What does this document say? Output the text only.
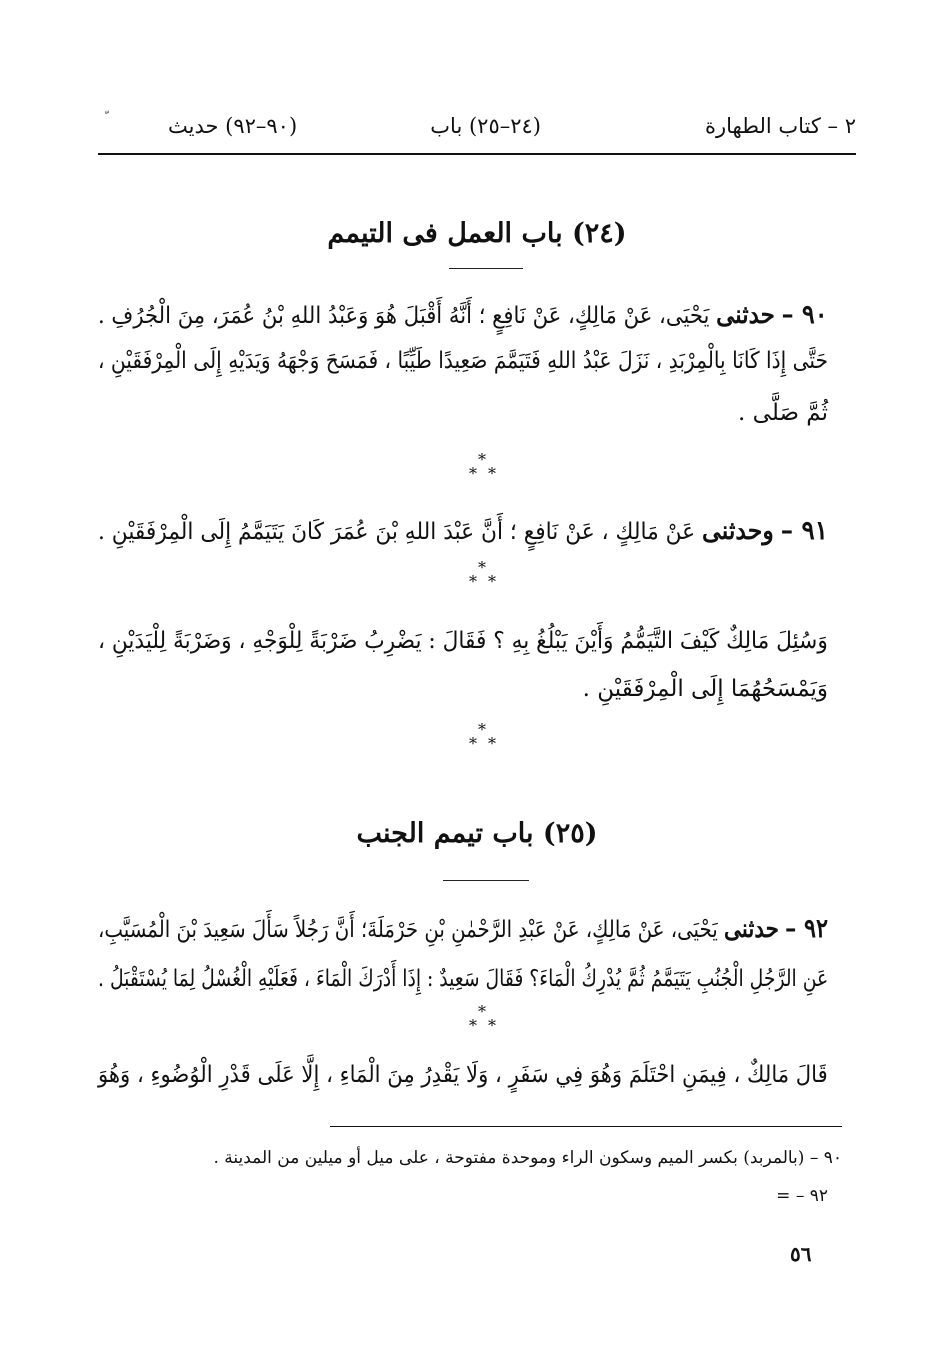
٢ – كتاب الطهارة
(٢٤–٢٥) باب
(٩٠–٩٢) حديث
(٢٤) باب العمل فى التيمم
٩٠ – حدثنى يَحْيَى، عَنْ مَالِكٍ، عَنْ نَافِعٍ ؛ أَنَّهُ أَقْبَلَ هُوَ وَعَبْدُ اللهِ بْنُ عُمَرَ، مِنَ الْجُرُفِ .
حَتَّى إِذَا كَانَا بِالْمِرْبَدِ ، نَزَلَ عَبْدُ اللهِ فَتَيَمَّمَ صَعِيدًا طَيِّبًا ، فَمَسَحَ وَجْهَهُ وَيَدَيْهِ إِلَى الْمِرْفَقَيْنِ ،
ثُمَّ صَلَّى .
*
* *
٩١ – وحدثنى عَنْ مَالِكٍ ، عَنْ نَافِعٍ ؛ أَنَّ عَبْدَ اللهِ بْنَ عُمَرَ كَانَ يَتَيَمَّمُ إِلَى الْمِرْفَقَيْنِ .
*
* *
وَسُئِلَ مَالِكٌ كَيْفَ التَّيَمُّمُ وَأَيْنَ يَبْلُغُ بِهِ ؟ فَقَالَ : يَضْرِبُ ضَرْبَةً لِلْوَجْهِ ، وَضَرْبَةً لِلْيَدَيْنِ ،
وَيَمْسَحُهُمَا إِلَى الْمِرْفَقَيْنِ .
*
* *
(٢٥) باب تيمم الجنب
٩٢ – حدثنى يَحْيَى، عَنْ مَالِكٍ، عَنْ عَبْدِ الرَّحْمٰنِ بْنِ حَرْمَلَةَ؛ أَنَّ رَجُلاً سَأَلَ سَعِيدَ بْنَ الْمُسَيَّبِ،
عَنِ الرَّجُلِ الْجُنُبِ يَتَيَمَّمُ ثُمَّ يُدْرِكُ الْمَاءَ؟ فَقَالَ سَعِيدٌ : إِذَا أَدْرَكَ الْمَاءَ ، فَعَلَيْهِ الْغُسْلُ لِمَا يُسْتَقْبَلُ .
*
* *
قَالَ مَالِكٌ ، فِيمَنِ احْتَلَمَ وَهُوَ فِي سَفَرٍ ، وَلَا يَقْدِرُ مِنَ الْمَاءِ ، إِلَّا عَلَى قَدْرِ الْوُضُوءِ ، وَهُوَ
٩٠ – (بالمربد) بكسر الميم وسكون الراء وموحدة مفتوحة ، على ميل أو ميلين من المدينة .
٩٢ – =
٥٦
